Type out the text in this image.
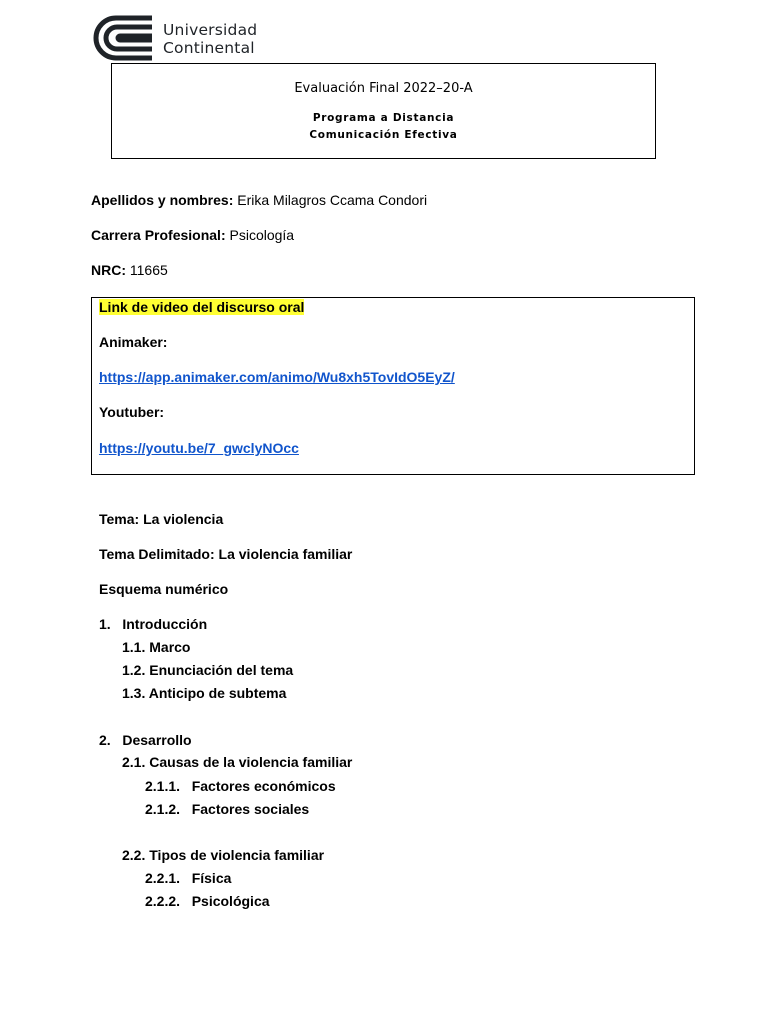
Universidad
Continental
Evaluación Final 2022–20-A
Programa a Distancia
Comunicación Efectiva
Apellidos y nombres: Erika Milagros Ccama Condori
Carrera Profesional: Psicología
NRC: 11665
Link de video del discurso oral
Animaker:
https://app.animaker.com/animo/Wu8xh5TovIdO5EyZ/
Youtuber:
https://youtu.be/7_gwclyNOcc
Tema: La violencia
Tema Delimitado: La violencia familiar
Esquema numérico
1. Introducción
1.1. Marco
1.2. Enunciación del tema
1.3. Anticipo de subtema
2. Desarrollo
2.1. Causas de la violencia familiar
2.1.1. Factores económicos
2.1.2. Factores sociales
2.2. Tipos de violencia familiar
2.2.1. Física
2.2.2. Psicológica
